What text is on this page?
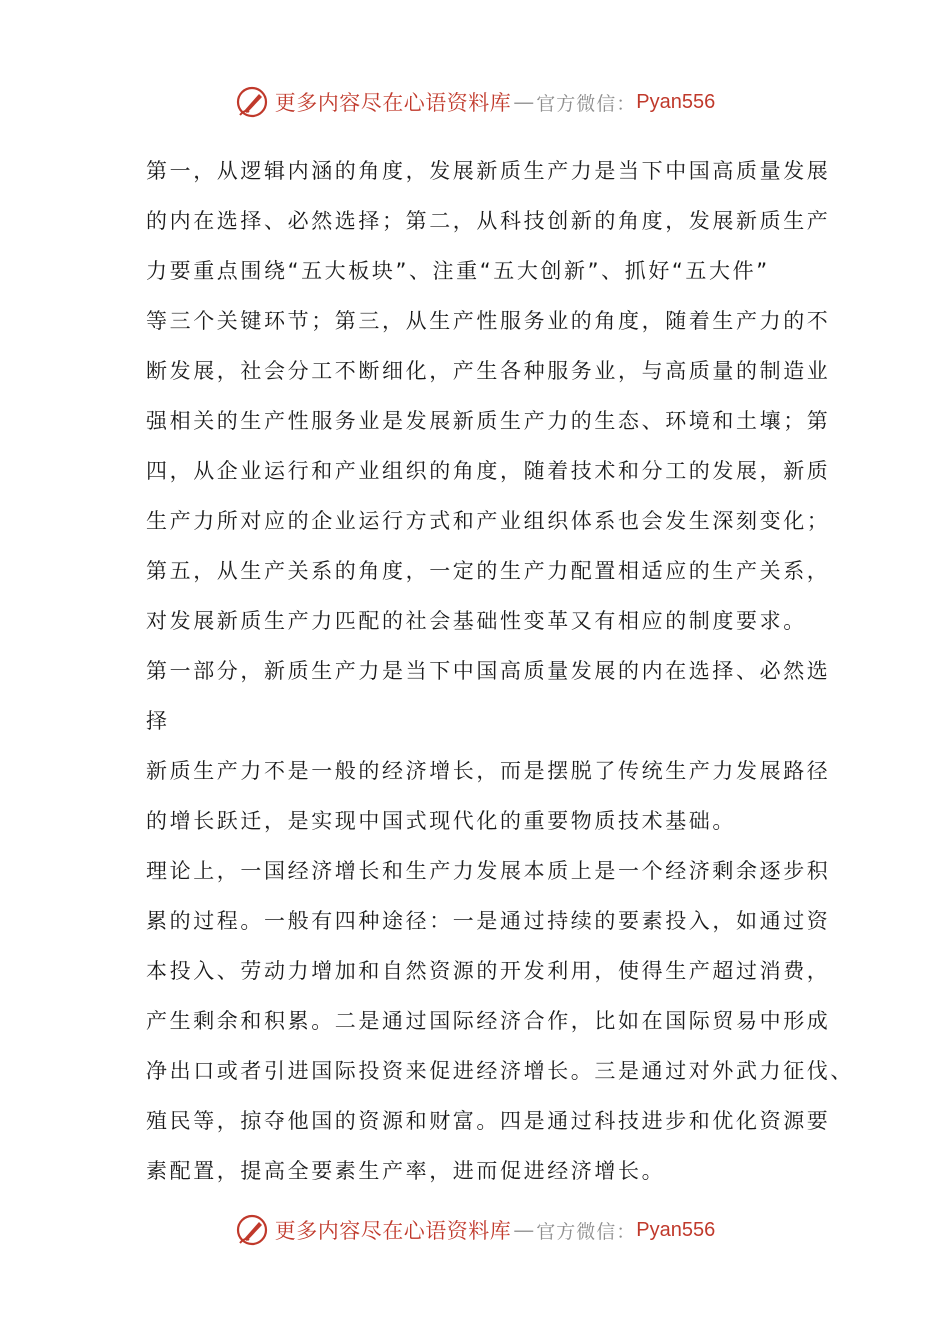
更多内容尽在心语资料库 — 官方微信： Pyan556
第一，从逻辑内涵的角度，发展新质生产力是当下中国高质量发展
的内在选择、必然选择；第二，从科技创新的角度，发展新质生产
力要重点围绕“五大板块”、注重“五大创新”、抓好“五大件”
等三个关键环节；第三，从生产性服务业的角度，随着生产力的不
断发展，社会分工不断细化，产生各种服务业，与高质量的制造业
强相关的生产性服务业是发展新质生产力的生态、环境和土壤；第
四，从企业运行和产业组织的角度，随着技术和分工的发展，新质
生产力所对应的企业运行方式和产业组织体系也会发生深刻变化；
第五，从生产关系的角度，一定的生产力配置相适应的生产关系，
对发展新质生产力匹配的社会基础性变革又有相应的制度要求。
第一部分，新质生产力是当下中国高质量发展的内在选择、必然选
择
新质生产力不是一般的经济增长，而是摆脱了传统生产力发展路径
的增长跃迁，是实现中国式现代化的重要物质技术基础。
理论上，一国经济增长和生产力发展本质上是一个经济剩余逐步积
累的过程。一般有四种途径：一是通过持续的要素投入，如通过资
本投入、劳动力增加和自然资源的开发利用，使得生产超过消费，
产生剩余和积累。二是通过国际经济合作，比如在国际贸易中形成
净出口或者引进国际投资来促进经济增长。三是通过对外武力征伐、
殖民等，掠夺他国的资源和财富。四是通过科技进步和优化资源要
素配置，提高全要素生产率，进而促进经济增长。
更多内容尽在心语资料库 — 官方微信： Pyan556
